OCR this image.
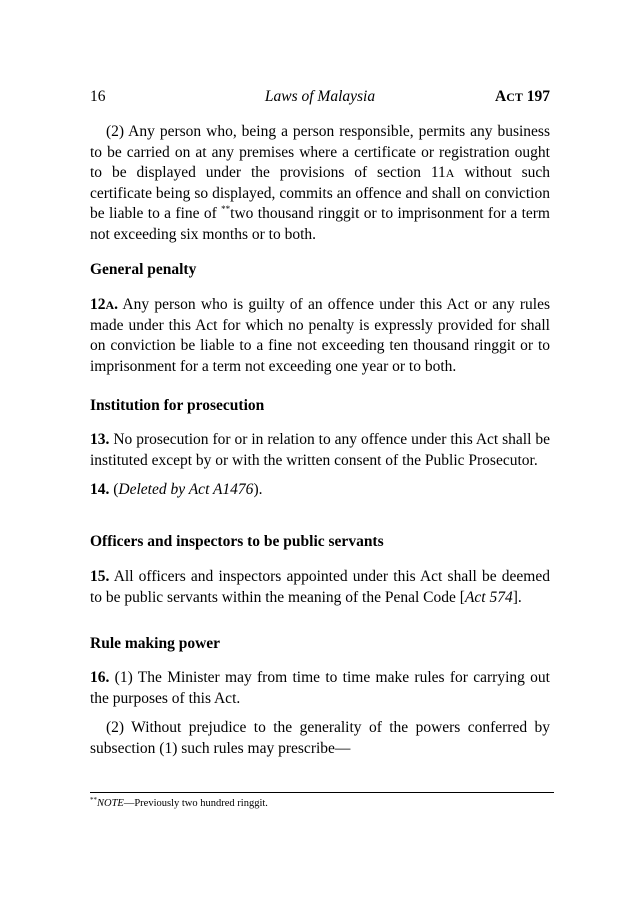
16	Laws of Malaysia	ACT 197

(2) Any person who, being a person responsible, permits any business to be carried on at any premises where a certificate or registration ought to be displayed under the provisions of section 11A without such certificate being so displayed, commits an offence and shall on conviction be liable to a fine of **two thousand ringgit or to imprisonment for a term not exceeding six months or to both.

General penalty

12A. Any person who is guilty of an offence under this Act or any rules made under this Act for which no penalty is expressly provided for shall on conviction be liable to a fine not exceeding ten thousand ringgit or to imprisonment for a term not exceeding one year or to both.

Institution for prosecution

13. No prosecution for or in relation to any offence under this Act shall be instituted except by or with the written consent of the Public Prosecutor.

14. (Deleted by Act A1476).

Officers and inspectors to be public servants

15. All officers and inspectors appointed under this Act shall be deemed to be public servants within the meaning of the Penal Code [Act 574].

Rule making power

16. (1) The Minister may from time to time make rules for carrying out the purposes of this Act.

(2) Without prejudice to the generality of the powers conferred by subsection (1) such rules may prescribe—

**NOTE—Previously two hundred ringgit.
